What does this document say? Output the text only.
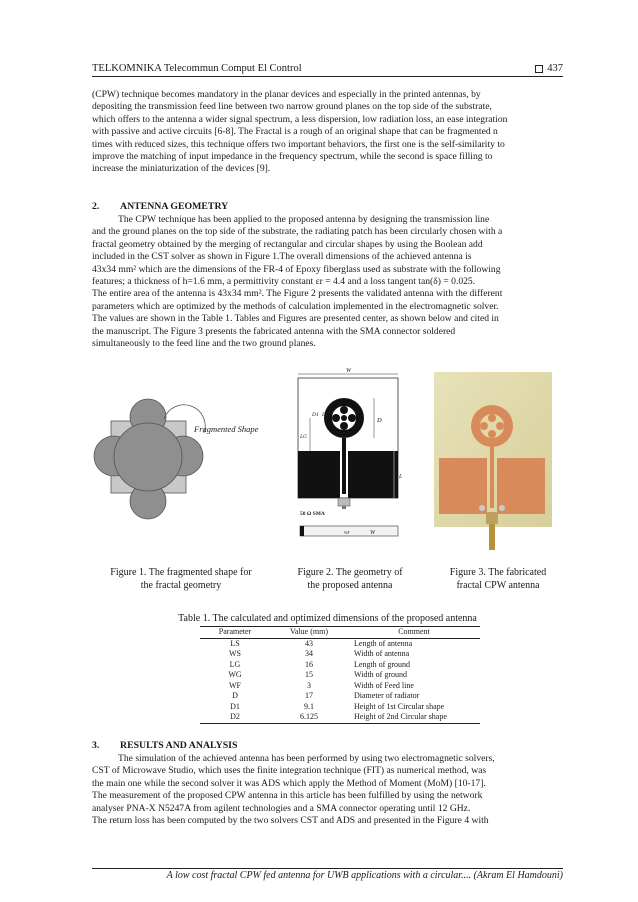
TELKOMNIKA Telecommun Comput El Control	437
(CPW) technique becomes mandatory in the planar devices and especially in the printed antennas, by
depositing the transmission feed line between two narrow ground planes on the top side of the substrate,
which offers to the antenna a wider signal spectrum, a less dispersion, low radiation loss, an ease integration
with passive and active circuits [6-8]. The Fractal is a rough of an original shape that can be fragmented n
times with reduced sizes, this technique offers two important behaviors, the first one is the self-similarity to
improve the matching of input impedance in the frequency spectrum, while the second is space filling to
increase the miniaturization of the devices [9].
2. ANTENNA GEOMETRY
The CPW technique has been applied to the proposed antenna by designing the transmission line
and the ground planes on the top side of the substrate, the radiating patch has been circularly chosen with a
fractal geometry obtained by the merging of rectangular and circular shapes by using the Boolean add
included in the CST solver as shown in Figure 1.The overall dimensions of the achieved antenna is
43x34 mm² which are the dimensions of the FR-4 of Epoxy fiberglass used as substrate with the following
features; a thickness of h=1.6 mm, a permittivity constant εr = 4.4 and a loss tangent tan(δ) = 0.025.
The entire area of the antenna is 43x34 mm². The Figure 2 presents the validated antenna with the different
parameters which are optimized by the methods of calculation implemented in the electromagnetic solver.
The values are shown in the Table 1. Tables and Figures are presented center, as shown below and cited in
the manuscript. The Figure 3 presents the fabricated antenna with the SMA connector soldered
simultaneously to the feed line and the two ground planes.
Fragmented Shape
W
D
D1 D2
LG
L
50 Ω SMA
WF	W
Figure 1. The fragmented shape for
the fractal geometry
Figure 2. The geometry of
the proposed antenna
Figure 3. The fabricated
fractal CPW antenna
Table 1. The calculated and optimized dimensions of the proposed antenna
Parameter	Value (mm)	Comment
LS	43	Length of antenna
WS	34	Width of antenna
LG	16	Length of ground
WG	15	Width of ground
WF	3	Width of Feed line
D	17	Diameter of radiator
D1	9.1	Height of 1st Circular shape
D2	6.125	Height of 2nd Circular shape
3. RESULTS AND ANALYSIS
The simulation of the achieved antenna has been performed by using two electromagnetic solvers,
CST of Microwave Studio, which uses the finite integration technique (FIT) as numerical method, was
the main one while the second solver it was ADS which apply the Method of Moment (MoM) [10-17].
The measurement of the proposed CPW antenna in this article has been fulfilled by using the network
analyser PNA-X N5247A from agilent technologies and a SMA connector operating until 12 GHz.
The return loss has been computed by the two solvers CST and ADS and presented in the Figure 4 with
A low cost fractal CPW fed antenna for UWB applications with a circular.... (Akram El Hamdouni)
